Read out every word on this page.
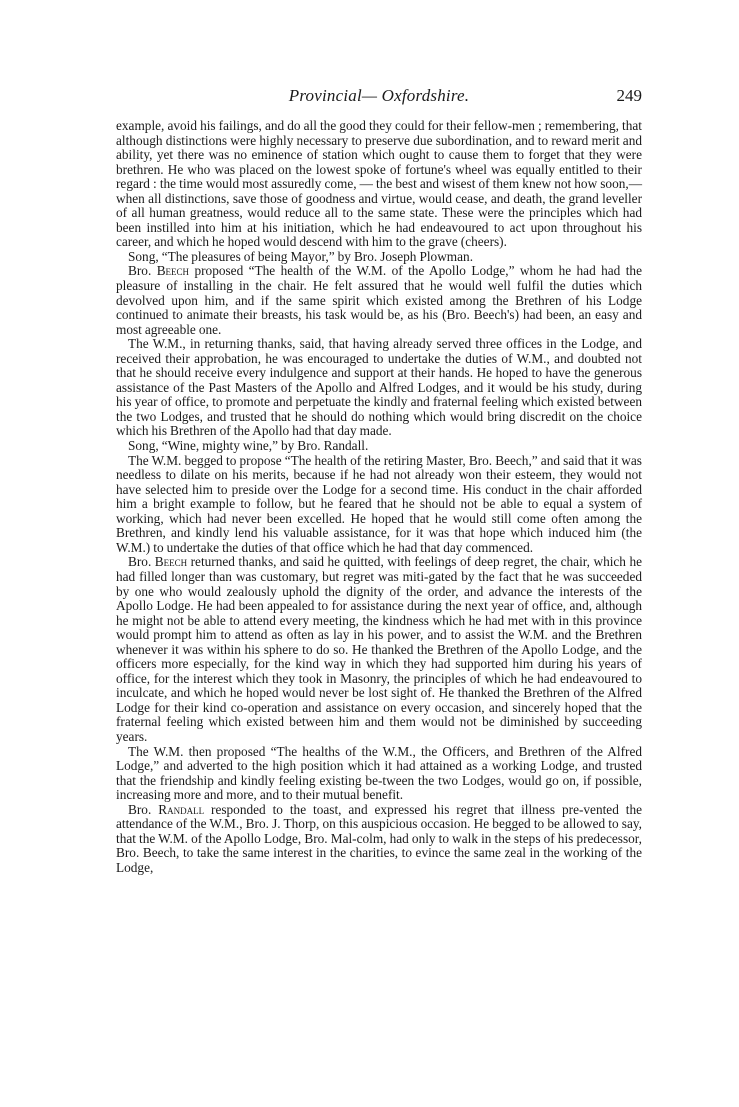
Provincial— Oxfordshire.	249

example, avoid his failings, and do all the good they could for their fellow-men ; remembering, that although distinctions were highly necessary to preserve due subordination, and to reward merit and ability, yet there was no eminence of station which ought to cause them to forget that they were brethren. He who was placed on the lowest spoke of fortune's wheel was equally entitled to their regard : the time would most assuredly come, — the best and wisest of them knew not how soon,—when all distinctions, save those of goodness and virtue, would cease, and death, the grand leveller of all human greatness, would reduce all to the same state. These were the principles which had been instilled into him at his initiation, which he had endeavoured to act upon throughout his career, and which he hoped would descend with him to the grave (cheers).

Song, “The pleasures of being Mayor,” by Bro. Joseph Plowman.

Bro. Beech proposed “The health of the W.M. of the Apollo Lodge,” whom he had had the pleasure of installing in the chair. He felt assured that he would well fulfil the duties which devolved upon him, and if the same spirit which existed among the Brethren of his Lodge continued to animate their breasts, his task would be, as his (Bro. Beech's) had been, an easy and most agreeable one.

The W.M., in returning thanks, said, that having already served three offices in the Lodge, and received their approbation, he was encouraged to undertake the duties of W.M., and doubted not that he should receive every indulgence and support at their hands. He hoped to have the generous assistance of the Past Masters of the Apollo and Alfred Lodges, and it would be his study, during his year of office, to promote and perpetuate the kindly and fraternal feeling which existed between the two Lodges, and trusted that he should do nothing which would bring discredit on the choice which his Brethren of the Apollo had that day made.

Song, “Wine, mighty wine,” by Bro. Randall.

The W.M. begged to propose “The health of the retiring Master, Bro. Beech,” and said that it was needless to dilate on his merits, because if he had not already won their esteem, they would not have selected him to preside over the Lodge for a second time. His conduct in the chair afforded him a bright example to follow, but he feared that he should not be able to equal a system of working, which had never been excelled. He hoped that he would still come often among the Brethren, and kindly lend his valuable assistance, for it was that hope which induced him (the W.M.) to undertake the duties of that office which he had that day commenced.

Bro. Beech returned thanks, and said he quitted, with feelings of deep regret, the chair, which he had filled longer than was customary, but regret was miti-gated by the fact that he was succeeded by one who would zealously uphold the dignity of the order, and advance the interests of the Apollo Lodge. He had been appealed to for assistance during the next year of office, and, although he might not be able to attend every meeting, the kindness which he had met with in this province would prompt him to attend as often as lay in his power, and to assist the W.M. and the Brethren whenever it was within his sphere to do so. He thanked the Brethren of the Apollo Lodge, and the officers more especially, for the kind way in which they had supported him during his years of office, for the interest which they took in Masonry, the principles of which he had endeavoured to inculcate, and which he hoped would never be lost sight of. He thanked the Brethren of the Alfred Lodge for their kind co-operation and assistance on every occasion, and sincerely hoped that the fraternal feeling which existed between him and them would not be diminished by succeeding years.

The W.M. then proposed “The healths of the W.M., the Officers, and Brethren of the Alfred Lodge,” and adverted to the high position which it had attained as a working Lodge, and trusted that the friendship and kindly feeling existing be-tween the two Lodges, would go on, if possible, increasing more and more, and to their mutual benefit.

Bro. Randall responded to the toast, and expressed his regret that illness pre-vented the attendance of the W.M., Bro. J. Thorp, on this auspicious occasion. He begged to be allowed to say, that the W.M. of the Apollo Lodge, Bro. Mal-colm, had only to walk in the steps of his predecessor, Bro. Beech, to take the same interest in the charities, to evince the same zeal in the working of the Lodge,
